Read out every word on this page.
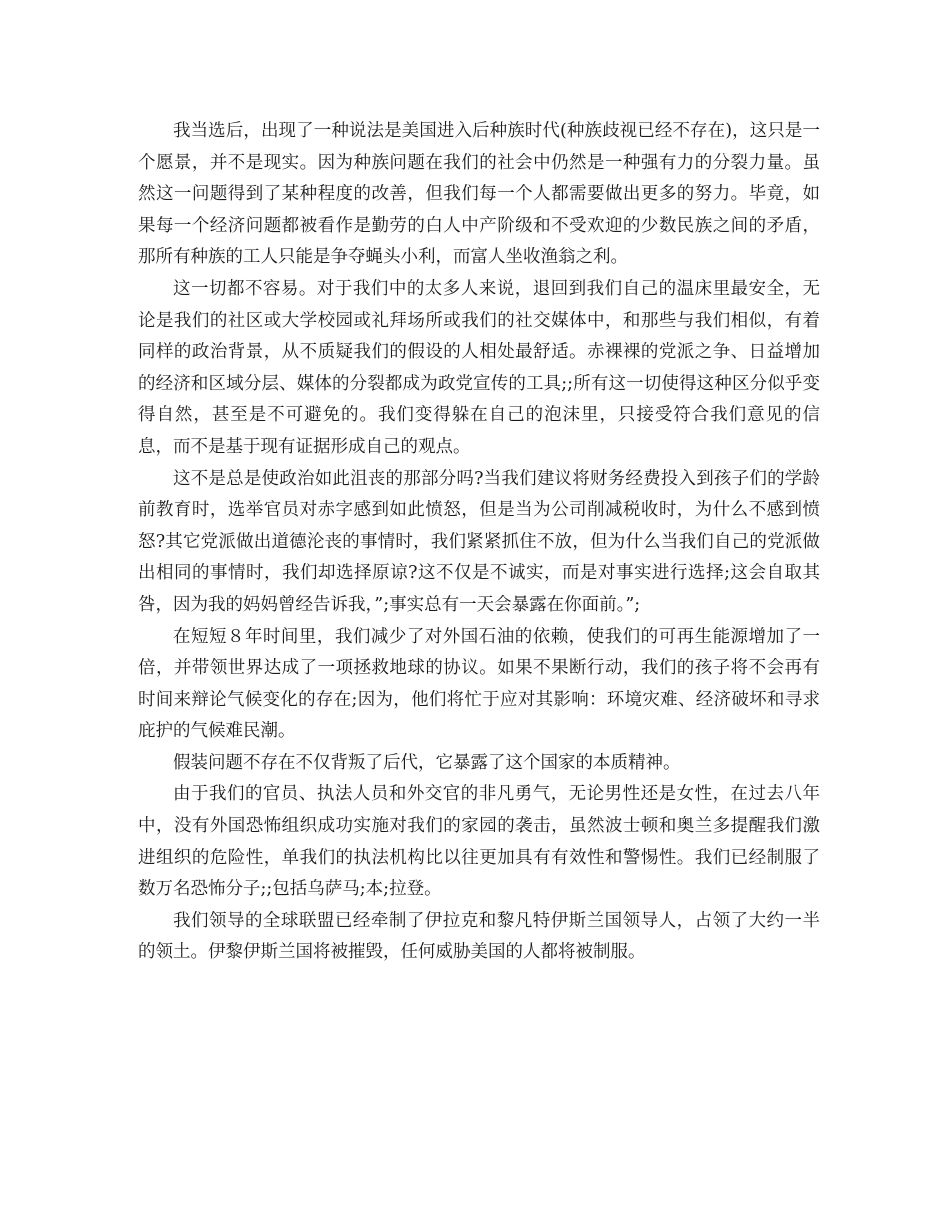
我当选后，出现了一种说法是美国进入后种族时代(种族歧视已经不存在)，这只是一个愿景，并不是现实。因为种族问题在我们的社会中仍然是一种强有力的分裂力量。虽然这一问题得到了某种程度的改善，但我们每一个人都需要做出更多的努力。毕竟，如果每一个经济问题都被看作是勤劳的白人中产阶级和不受欢迎的少数民族之间的矛盾，那所有种族的工人只能是争夺蝇头小利，而富人坐收渔翁之利。

这一切都不容易。对于我们中的太多人来说，退回到我们自己的温床里最安全，无论是我们的社区或大学校园或礼拜场所或我们的社交媒体中，和那些与我们相似，有着同样的政治背景，从不质疑我们的假设的人相处最舒适。赤裸裸的党派之争、日益增加的经济和区域分层、媒体的分裂都成为政党宣传的工具;;所有这一切使得这种区分似乎变得自然，甚至是不可避免的。我们变得躲在自己的泡沫里，只接受符合我们意见的信息，而不是基于现有证据形成自己的观点。

这不是总是使政治如此沮丧的那部分吗?当我们建议将财务经费投入到孩子们的学龄前教育时，选举官员对赤字感到如此愤怒，但是当为公司削减税收时，为什么不感到愤怒?其它党派做出道德沦丧的事情时，我们紧紧抓住不放，但为什么当我们自己的党派做出相同的事情时，我们却选择原谅?这不仅是不诚实，而是对事实进行选择;这会自取其咎，因为我的妈妈曾经告诉我，”;事实总有一天会暴露在你面前。”;

在短短８年时间里，我们减少了对外国石油的依赖，使我们的可再生能源增加了一倍，并带领世界达成了一项拯救地球的协议。如果不果断行动，我们的孩子将不会再有时间来辩论气候变化的存在;因为，他们将忙于应对其影响：环境灾难、经济破坏和寻求庇护的气候难民潮。

假装问题不存在不仅背叛了后代，它暴露了这个国家的本质精神。

由于我们的官员、执法人员和外交官的非凡勇气，无论男性还是女性，在过去八年中，没有外国恐怖组织成功实施对我们的家园的袭击，虽然波士顿和奥兰多提醒我们激进组织的危险性，单我们的执法机构比以往更加具有有效性和警惕性。我们已经制服了数万名恐怖分子;;包括乌萨马;本;拉登。

我们领导的全球联盟已经牵制了伊拉克和黎凡特伊斯兰国领导人，占领了大约一半的领土。伊黎伊斯兰国将被摧毁，任何威胁美国的人都将被制服。
